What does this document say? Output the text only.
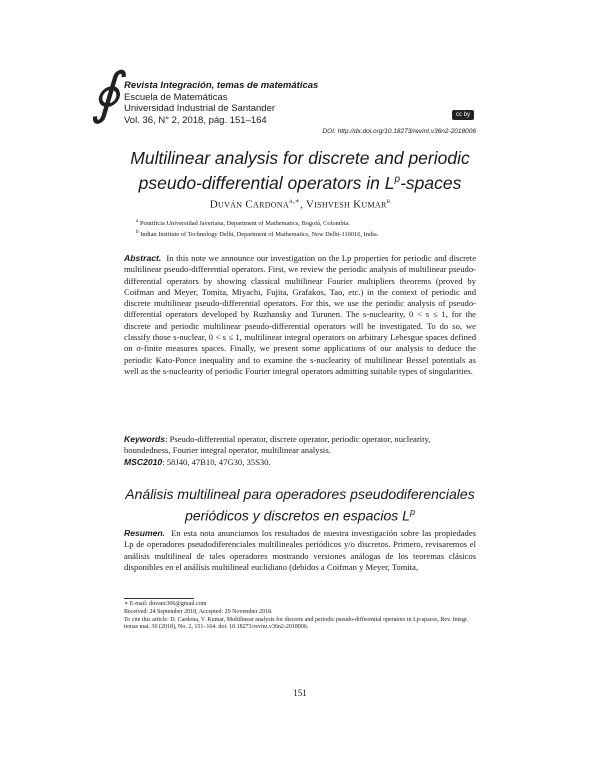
∮ Revista Integración, temas de matemáticas
Escuela de Matemáticas
Universidad Industrial de Santander
Vol. 36, N° 2, 2018, pág. 151–164	cc by
DOI: http://dx.doi.org/10.18273/revint.v36n2-2018006
Multilinear analysis for discrete and periodic
pseudo-differential operators in $L^p$-spaces
Duván Cardona$^{a,∗}$, Vishvesh Kumar$^b$
$^a$ Pontificia Universidad Javeriana, Department of Mathematics, Bogotá, Colombia.
$^b$ Indian Institute of Technology Delhi, Department of Mathematics, New Delhi-110016, India.

Abstract. In this note we announce our investigation on the Lp properties for periodic and discrete multilinear pseudo-differential operators. First, we review the periodic analysis of multilinear pseudo-differential operators by showing classical multilinear Fourier multipliers theorems (proved by Coifman and Meyer, Tomita, Miyachi, Fujita, Grafakos, Tao, etc.) in the context of periodic and discrete multilinear pseudo-differential operators. For this, we use the periodic analysis of pseudo-differential operators developed by Ruzhansky and Turunen. The s-nuclearity, 0 < s ≤ 1, for the discrete and periodic multilinear pseudo-differential operators will be investigated. To do so, we classify those s-nuclear, 0 < s ≤ 1, multilinear integral operators on arbitrary Lebesgue spaces defined on σ-finite measures spaces. Finally, we present some applications of our analysis to deduce the periodic Kato-Ponce inequality and to examine the s-nuclearity of multilinear Bessel potentials as well as the s-nuclearity of periodic Fourier integral operators admitting suitable types of singularities.

Keywords: Pseudo-differential operator, discrete operator, periodic operator, nuclearity, boundedness, Fourier integral operator, multilinear analysis.

MSC2010: 58J40, 47B10, 47G30, 35S30.

Análisis multilineal para operadores pseudodiferenciales
periódicos y discretos en espacios $L^p$

Resumen. En esta nota anunciamos los resultados de nuestra investigación sobre las propiedades Lp de operadores pseudodiferenciales multilineales periódicos y/o discretos. Primero, revisaremos el análisis multilineal de tales operadores mostrando versiones análogas de los teoremas clásicos disponibles en el análisis multilineal euclidiano (debidos a Coifman y Meyer, Tomita,

∗ E-mail: duvanc306@gmail.com
Received: 24 September 2018, Accepted: 29 November 2018.
To cite this article: D. Cardona, V. Kumar, Multilinear analysis for discrete and periodic pseudo-differential operators in Lp-spaces, Rev. Integr. temas mat. 36 (2018), No. 2, 151–164. doi: 10.18273/revint.v36n2-2018006.
151
